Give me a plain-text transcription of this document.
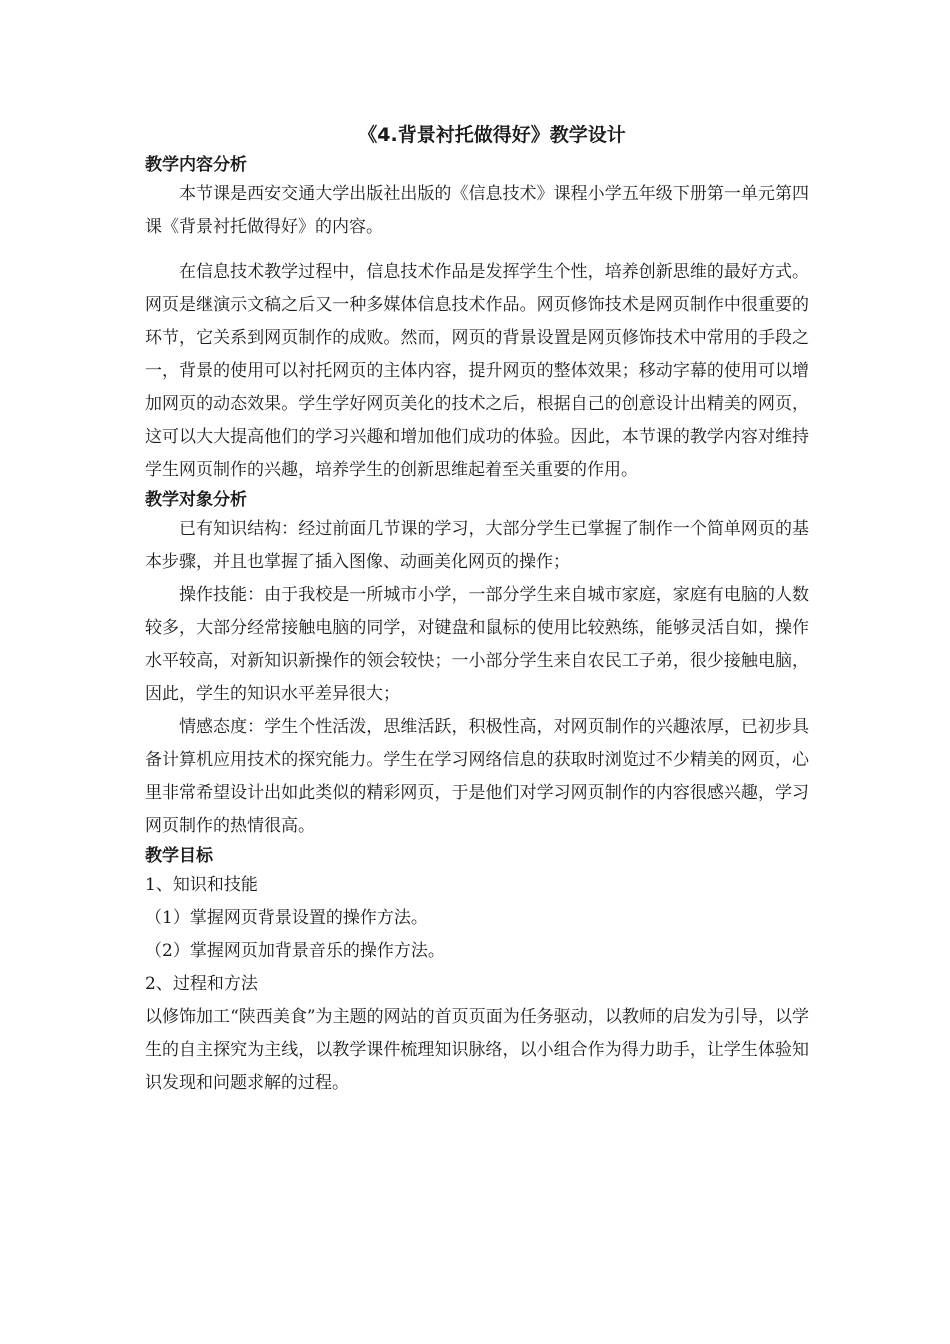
《4.背景衬托做得好》教学设计
教学内容分析

本节课是西安交通大学出版社出版的《信息技术》课程小学五年级下册第一单元第四课《背景衬托做得好》的内容。

在信息技术教学过程中，信息技术作品是发挥学生个性，培养创新思维的最好方式。网页是继演示文稿之后又一种多媒体信息技术作品。网页修饰技术是网页制作中很重要的环节，它关系到网页制作的成败。然而，网页的背景设置是网页修饰技术中常用的手段之一，背景的使用可以衬托网页的主体内容，提升网页的整体效果；移动字幕的使用可以增加网页的动态效果。学生学好网页美化的技术之后，根据自己的创意设计出精美的网页，这可以大大提高他们的学习兴趣和增加他们成功的体验。因此，本节课的教学内容对维持学生网页制作的兴趣，培养学生的创新思维起着至关重要的作用。

教学对象分析

已有知识结构：经过前面几节课的学习，大部分学生已掌握了制作一个简单网页的基本步骤，并且也掌握了插入图像、动画美化网页的操作；

操作技能：由于我校是一所城市小学，一部分学生来自城市家庭，家庭有电脑的人数较多，大部分经常接触电脑的同学，对键盘和鼠标的使用比较熟练，能够灵活自如，操作水平较高，对新知识新操作的领会较快；一小部分学生来自农民工子弟，很少接触电脑，因此，学生的知识水平差异很大；

情感态度：学生个性活泼，思维活跃，积极性高，对网页制作的兴趣浓厚，已初步具备计算机应用技术的探究能力。学生在学习网络信息的获取时浏览过不少精美的网页，心里非常希望设计出如此类似的精彩网页，于是他们对学习网页制作的内容很感兴趣，学习网页制作的热情很高。

教学目标

1、知识和技能

（1）掌握网页背景设置的操作方法。

（2）掌握网页加背景音乐的操作方法。

2、过程和方法

以修饰加工“陕西美食”为主题的网站的首页页面为任务驱动，以教师的启发为引导，以学生的自主探究为主线，以教学课件梳理知识脉络，以小组合作为得力助手，让学生体验知识发现和问题求解的过程。
